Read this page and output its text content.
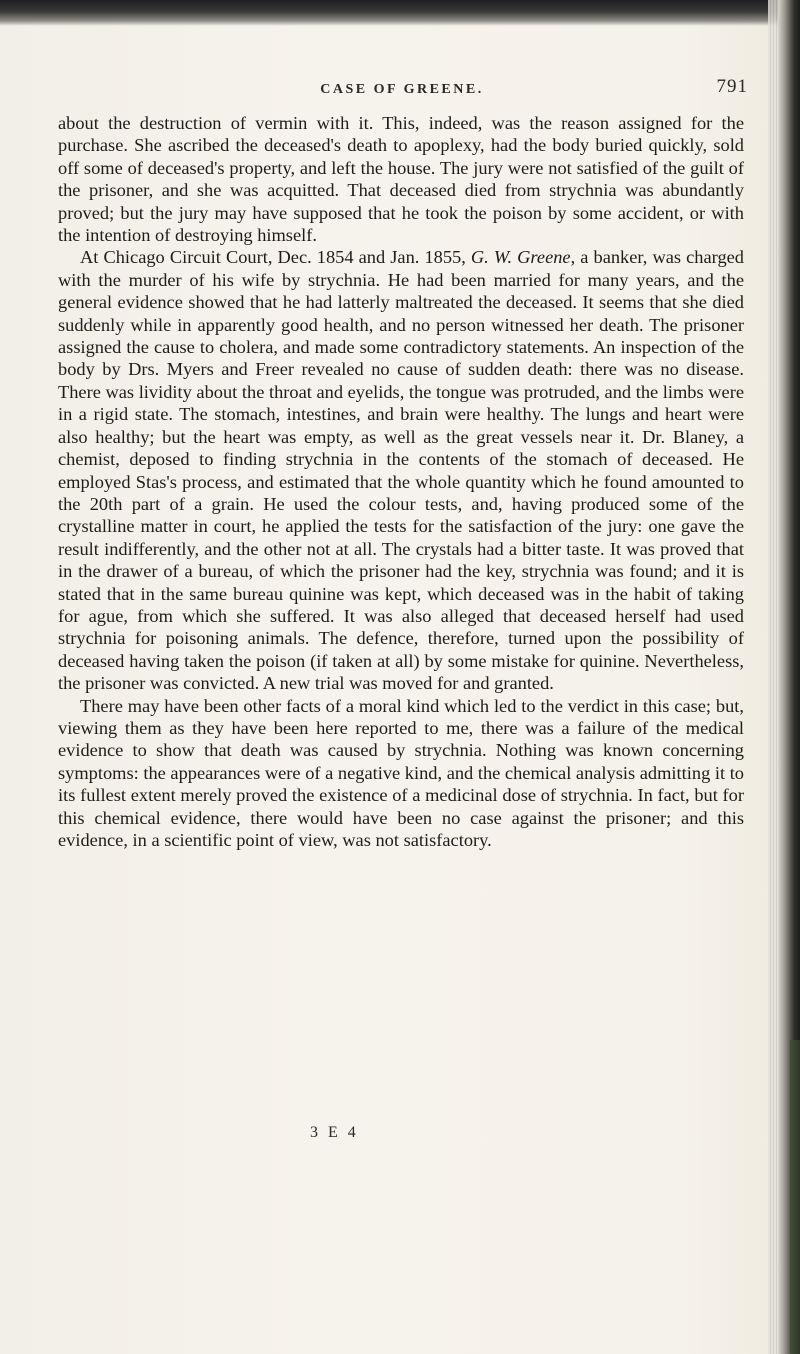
CASE OF GREENE.	791

about the destruction of vermin with it. This, indeed, was the reason assigned for the purchase. She ascribed the deceased's death to apoplexy, had the body buried quickly, sold off some of deceased's property, and left the house. The jury were not satisfied of the guilt of the prisoner, and she was acquitted. That deceased died from strychnia was abundantly proved; but the jury may have supposed that he took the poison by some accident, or with the intention of destroying himself.

At Chicago Circuit Court, Dec. 1854 and Jan. 1855, G. W. Greene, a banker, was charged with the murder of his wife by strychnia. He had been married for many years, and the general evidence showed that he had latterly maltreated the deceased. It seems that she died suddenly while in apparently good health, and no person witnessed her death. The prisoner assigned the cause to cholera, and made some contradictory statements. An inspection of the body by Drs. Myers and Freer revealed no cause of sudden death: there was no disease. There was lividity about the throat and eyelids, the tongue was protruded, and the limbs were in a rigid state. The stomach, intestines, and brain were healthy. The lungs and heart were also healthy; but the heart was empty, as well as the great vessels near it. Dr. Blaney, a chemist, deposed to finding strychnia in the contents of the stomach of deceased. He employed Stas's process, and estimated that the whole quantity which he found amounted to the 20th part of a grain. He used the colour tests, and, having produced some of the crystalline matter in court, he applied the tests for the satisfaction of the jury: one gave the result indifferently, and the other not at all. The crystals had a bitter taste. It was proved that in the drawer of a bureau, of which the prisoner had the key, strychnia was found; and it is stated that in the same bureau quinine was kept, which deceased was in the habit of taking for ague, from which she suffered. It was also alleged that deceased herself had used strychnia for poisoning animals. The defence, therefore, turned upon the possibility of deceased having taken the poison (if taken at all) by some mistake for quinine. Nevertheless, the prisoner was convicted. A new trial was moved for and granted.

There may have been other facts of a moral kind which led to the verdict in this case; but, viewing them as they have been here reported to me, there was a failure of the medical evidence to show that death was caused by strychnia. Nothing was known concerning symptoms: the appearances were of a negative kind, and the chemical analysis admitting it to its fullest extent merely proved the existence of a medicinal dose of strychnia. In fact, but for this chemical evidence, there would have been no case against the prisoner; and this evidence, in a scientific point of view, was not satisfactory.

3 E 4
